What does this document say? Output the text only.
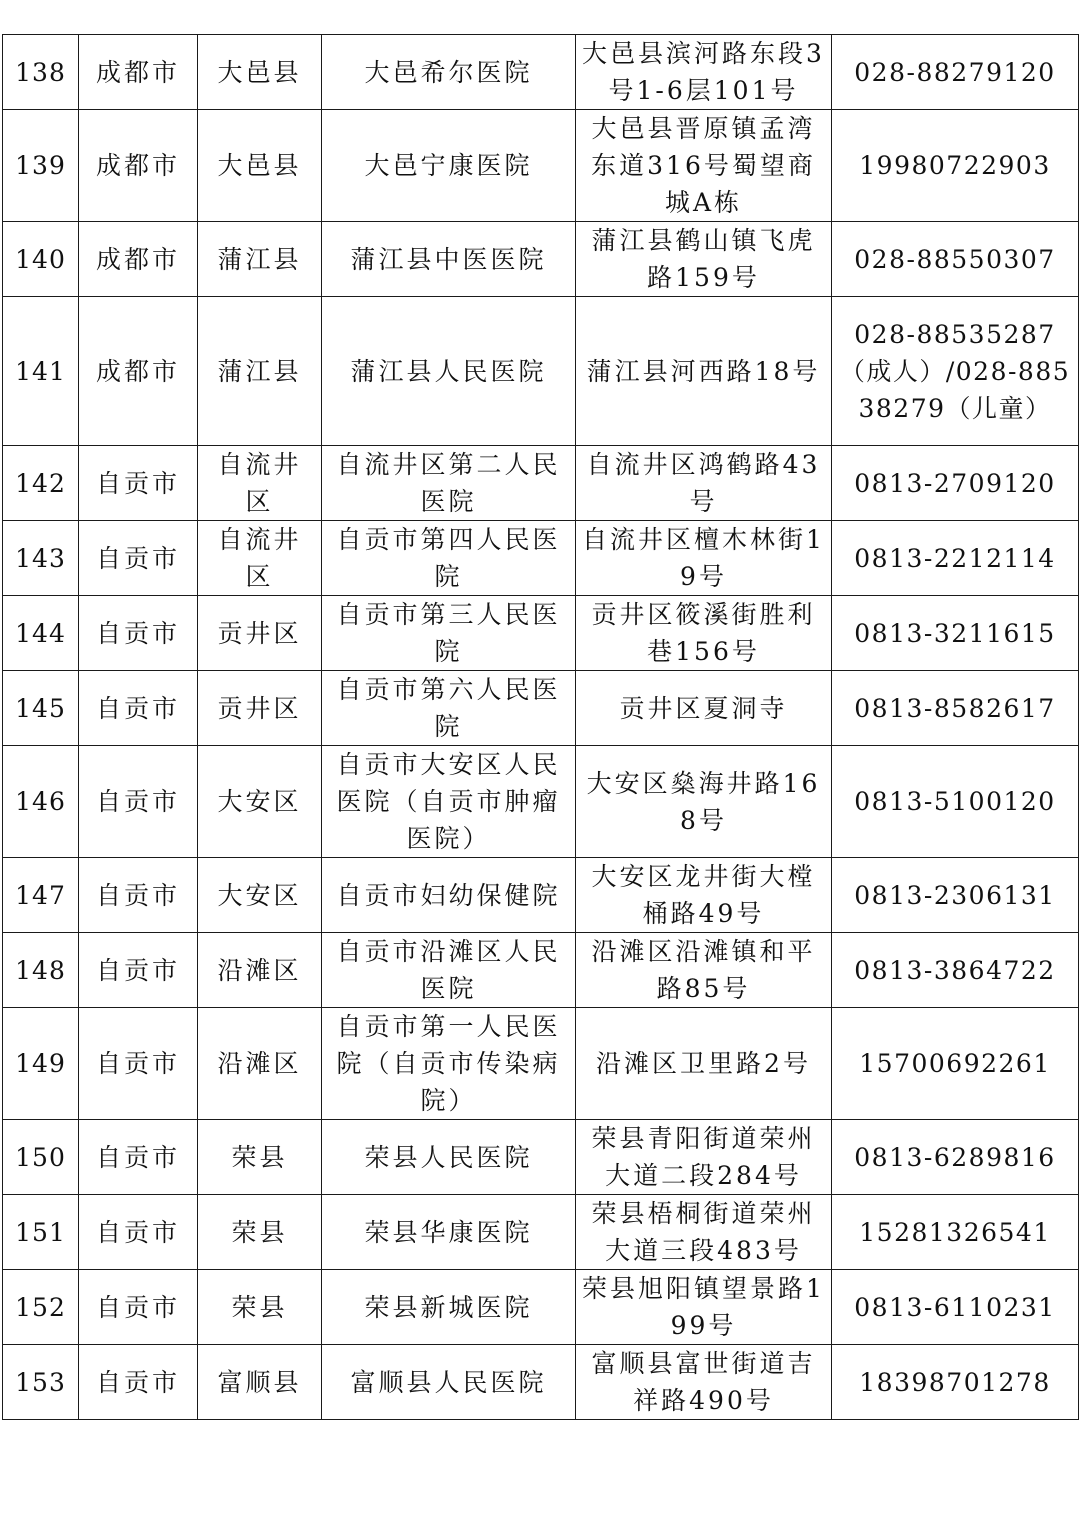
138	成都市	大邑县	大邑希尔医院	大邑县滨河路东段3号1-6层101号	028-88279120
139	成都市	大邑县	大邑宁康医院	大邑县晋原镇孟湾东道316号蜀望商城A栋	19980722903
140	成都市	蒲江县	蒲江县中医医院	蒲江县鹤山镇飞虎路159号	028-88550307
141	成都市	蒲江县	蒲江县人民医院	蒲江县河西路18号	028-88535287（成人）/028-88538279（儿童）
142	自贡市	自流井区	自流井区第二人民医院	自流井区鸿鹤路43号	0813-2709120
143	自贡市	自流井区	自贡市第四人民医院	自流井区檀木林街19号	0813-2212114
144	自贡市	贡井区	自贡市第三人民医院	贡井区筱溪街胜利巷156号	0813-3211615
145	自贡市	贡井区	自贡市第六人民医院	贡井区夏洞寺	0813-8582617
146	自贡市	大安区	自贡市大安区人民医院（自贡市肿瘤医院）	大安区燊海井路168号	0813-5100120
147	自贡市	大安区	自贡市妇幼保健院	大安区龙井街大樘桶路49号	0813-2306131
148	自贡市	沿滩区	自贡市沿滩区人民医院	沿滩区沿滩镇和平路85号	0813-3864722
149	自贡市	沿滩区	自贡市第一人民医院（自贡市传染病院）	沿滩区卫里路2号	15700692261
150	自贡市	荣县	荣县人民医院	荣县青阳街道荣州大道二段284号	0813-6289816
151	自贡市	荣县	荣县华康医院	荣县梧桐街道荣州大道三段483号	15281326541
152	自贡市	荣县	荣县新城医院	荣县旭阳镇望景路199号	0813-6110231
153	自贡市	富顺县	富顺县人民医院	富顺县富世街道吉祥路490号	18398701278
